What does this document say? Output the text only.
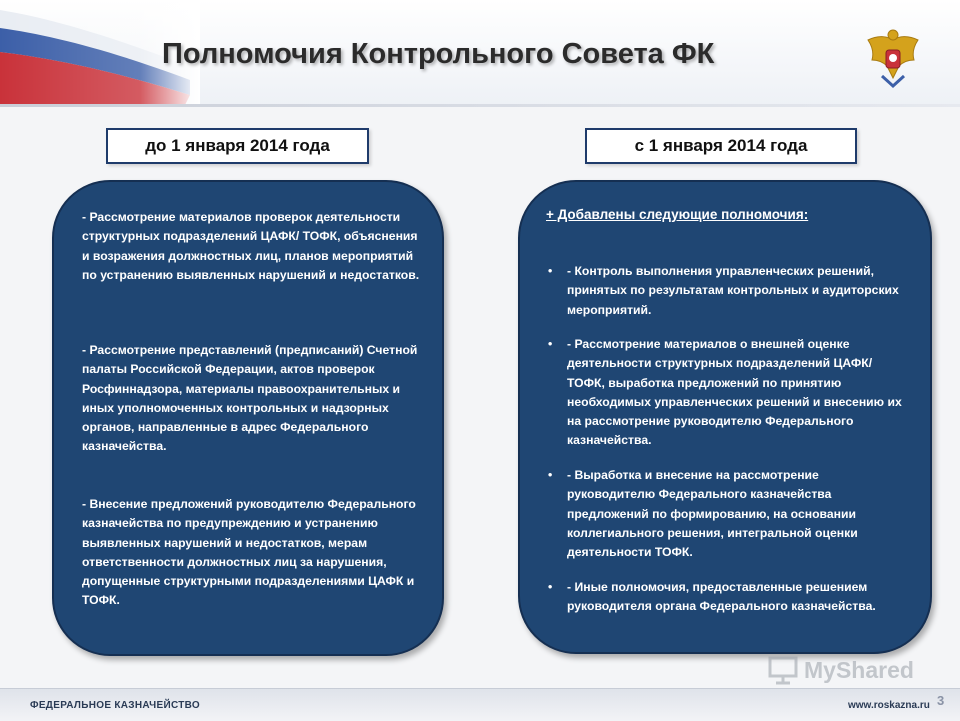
Полномочия Контрольного Совета ФК
до 1 января 2014 года	с 1 января 2014 года
- Рассмотрение материалов проверок деятельности структурных подразделений ЦАФК/ ТОФК, объяснения и возражения должностных лиц, планов мероприятий по устранению выявленных нарушений и недостатков.
- Рассмотрение представлений (предписаний) Счетной палаты Российской Федерации, актов проверок Росфиннадзора, материалы правоохранительных и иных уполномоченных контрольных и надзорных органов, направленные в адрес Федерального казначейства.
- Внесение предложений руководителю Федерального казначейства по предупреждению и устранению выявленных нарушений и недостатков, мерам ответственности должностных лиц за нарушения, допущенные структурными подразделениями ЦАФК и ТОФК.
+ Добавлены следующие полномочия:
• - Контроль выполнения управленческих решений, принятых по результатам контрольных и аудиторских мероприятий.
• - Рассмотрение материалов о внешней оценке деятельности структурных подразделений ЦАФК/ТОФК, выработка предложений по принятию необходимых управленческих решений и внесению их на рассмотрение руководителю Федерального казначейства.
• - Выработка и внесение на рассмотрение руководителю Федерального казначейства предложений по формированию, на основании коллегиального решения, интегральной оценки деятельности ТОФК.
• - Иные полномочия, предоставленные решением руководителя органа Федерального казначейства.
MyShared
ФЕДЕРАЛЬНОЕ КАЗНАЧЕЙСТВО	www.roskazna.ru 3
